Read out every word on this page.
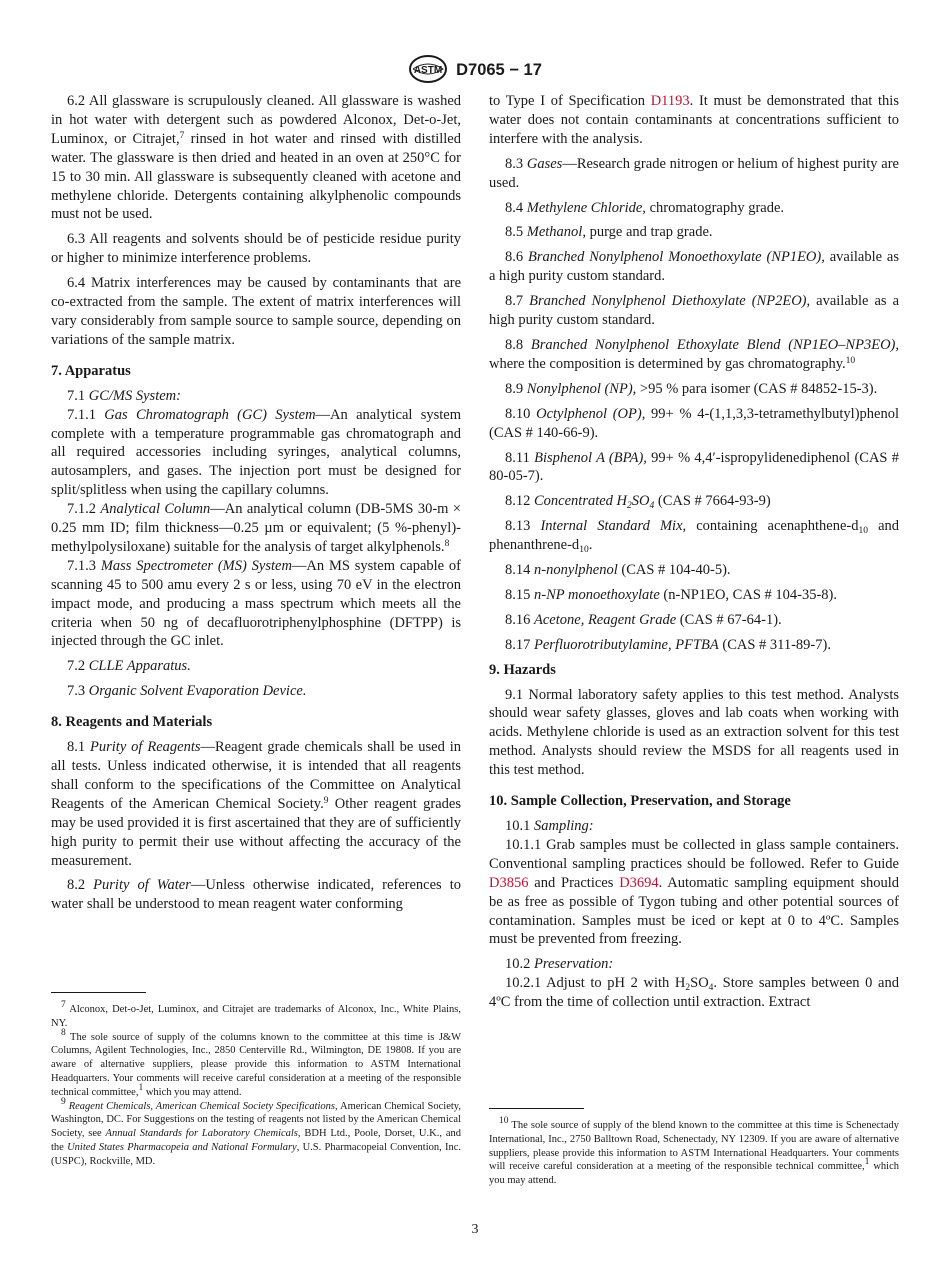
ASTM D7065 − 17

6.2 All glassware is scrupulously cleaned. All glassware is washed in hot water with detergent such as powdered Alconox, Det-o-Jet, Luminox, or Citrajet,$^7$ rinsed in hot water and rinsed with distilled water. The glassware is then dried and heated in an oven at 250°C for 15 to 30 min. All glassware is subsequently cleaned with acetone and methylene chloride. Detergents containing alkylphenolic compounds must not be used.

6.3 All reagents and solvents should be of pesticide residue purity or higher to minimize interference problems.

6.4 Matrix interferences may be caused by contaminants that are co-extracted from the sample. The extent of matrix interferences will vary considerably from sample source to sample source, depending on variations of the sample matrix.

7. Apparatus

7.1 GC/MS System:

7.1.1 Gas Chromatograph (GC) System—An analytical system complete with a temperature programmable gas chromatograph and all required accessories including syringes, analytical columns, autosamplers, and gases. The injection port must be designed for split/splitless when using the capillary columns.

7.1.2 Analytical Column—An analytical column (DB-5MS 30-m × 0.25 mm ID; film thickness—0.25 µm or equivalent; (5 %-phenyl)-methylpolysiloxane) suitable for the analysis of target alkylphenols.$^8$

7.1.3 Mass Spectrometer (MS) System—An MS system capable of scanning 45 to 500 amu every 2 s or less, using 70 eV in the electron impact mode, and producing a mass spectrum which meets all the criteria when 50 ng of decafluorotriphenylphosphine (DFTPP) is injected through the GC inlet.

7.2 CLLE Apparatus.

7.3 Organic Solvent Evaporation Device.

8. Reagents and Materials

8.1 Purity of Reagents—Reagent grade chemicals shall be used in all tests. Unless indicated otherwise, it is intended that all reagents shall conform to the specifications of the Committee on Analytical Reagents of the American Chemical Society.$^9$ Other reagent grades may be used provided it is first ascertained that they are of sufficiently high purity to permit their use without affecting the accuracy of the measurement.

8.2 Purity of Water—Unless otherwise indicated, references to water shall be understood to mean reagent water conforming

$^7$ Alconox, Det-o-Jet, Luminox, and Citrajet are trademarks of Alconox, Inc., White Plains, NY.

$^8$ The sole source of supply of the columns known to the committee at this time is J&W Columns, Agilent Technologies, Inc., 2850 Centerville Rd., Wilmington, DE 19808. If you are aware of alternative suppliers, please provide this information to ASTM International Headquarters. Your comments will receive careful consideration at a meeting of the responsible technical committee,$^1$ which you may attend.

$^9$ Reagent Chemicals, American Chemical Society Specifications, American Chemical Society, Washington, DC. For Suggestions on the testing of reagents not listed by the American Chemical Society, see Annual Standards for Laboratory Chemicals, BDH Ltd., Poole, Dorset, U.K., and the United States Pharmacopeia and National Formulary, U.S. Pharmacopeial Convention, Inc. (USPC), Rockville, MD.

to Type I of Specification D1193. It must be demonstrated that this water does not contain contaminants at concentrations sufficient to interfere with the analysis.

8.3 Gases—Research grade nitrogen or helium of highest purity are used.

8.4 Methylene Chloride, chromatography grade.

8.5 Methanol, purge and trap grade.

8.6 Branched Nonylphenol Monoethoxylate (NP1EO), available as a high purity custom standard.

8.7 Branched Nonylphenol Diethoxylate (NP2EO), available as a high purity custom standard.

8.8 Branched Nonylphenol Ethoxylate Blend (NP1EO–NP3EO), where the composition is determined by gas chromatography.$^{10}$

8.9 Nonylphenol (NP), >95 % para isomer (CAS # 84852-15-3).

8.10 Octylphenol (OP), 99+ % 4-(1,1,3,3-tetramethylbutyl)phenol (CAS # 140-66-9).

8.11 Bisphenol A (BPA), 99+ % 4,4′-ispropylidenediphenol (CAS # 80-05-7).

8.12 Concentrated $H_2SO_4$ (CAS # 7664-93-9)

8.13 Internal Standard Mix, containing acenaphthene-$d_{10}$ and phenanthrene-$d_{10}$.

8.14 n-nonylphenol (CAS # 104-40-5).

8.15 n-NP monoethoxylate (n-NP1EO, CAS # 104-35-8).

8.16 Acetone, Reagent Grade (CAS # 67-64-1).

8.17 Perfluorotributylamine, PFTBA (CAS # 311-89-7).

9. Hazards

9.1 Normal laboratory safety applies to this test method. Analysts should wear safety glasses, gloves and lab coats when working with acids. Methylene chloride is used as an extraction solvent for this test method. Analysts should review the MSDS for all reagents used in this test method.

10. Sample Collection, Preservation, and Storage

10.1 Sampling:

10.1.1 Grab samples must be collected in glass sample containers. Conventional sampling practices should be followed. Refer to Guide D3856 and Practices D3694. Automatic sampling equipment should be as free as possible of Tygon tubing and other potential sources of contamination. Samples must be iced or kept at 0 to 4ºC. Samples must be prevented from freezing.

10.2 Preservation:

10.2.1 Adjust to pH 2 with $H_2SO_4$. Store samples between 0 and 4ºC from the time of collection until extraction. Extract

$^{10}$ The sole source of supply of the blend known to the committee at this time is Schenectady International, Inc., 2750 Balltown Road, Schenectady, NY 12309. If you are aware of alternative suppliers, please provide this information to ASTM International Headquarters. Your comments will receive careful consideration at a meeting of the responsible technical committee,$^1$ which you may attend.

3
